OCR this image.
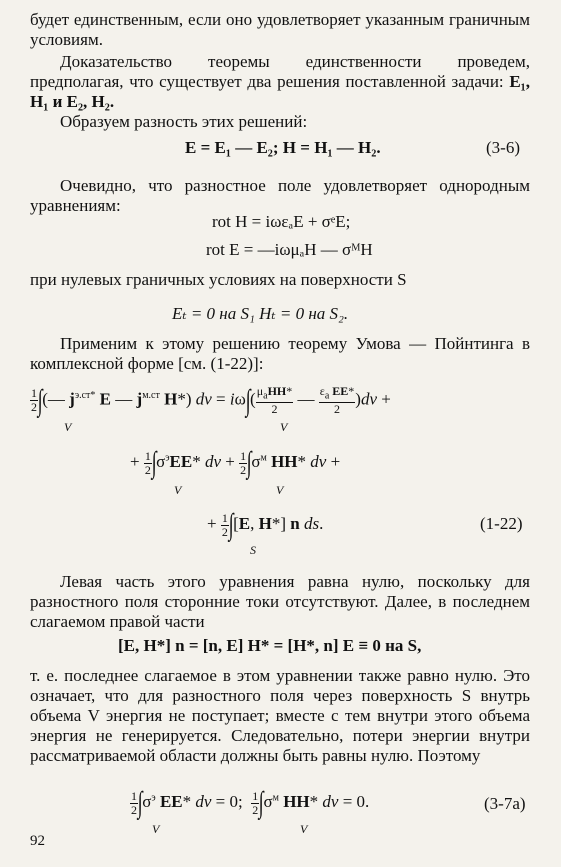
будет единственным, если оно удовлетворяет указанным граничным условиям.

Доказательство теоремы единственности проведем, предполагая, что существует два решения поставленной задачи: E₁, H₁ и E₂, H₂.

Образуем разность этих решений:

E = E₁ — E₂; H = H₁ — H₂.	(3-6)

Очевидно, что разностное поле удовлетворяет однородным уравнениям:

rot H = iωεₐE + σᵉE;
rot E = —iωμₐH — σᴹH

при нулевых граничных условиях на поверхности S

Eₜ = 0 на S₁ Hₜ = 0 на S₂.

Применим к этому решению теорему Умова — Пойнтинга в комплексной форме [см. (1-22)]:

$\frac{1}{2}$ ∫(— $j^{э.ст*}$ E — $j^{м.ст}$ H*) dv = $i\omega\int( \frac{\mu_aHH*}{2}$ — $\frac{\varepsilon_a EE*}{2} )dv$ +
V	V
+ $\frac{1}{2} \int\sigma^эEE*$ dv + $\frac{1}{2} \int\sigma^м$ HH* dv +
V	V
+ $\frac{1}{2} \int[E$, H*] n ds.
S
(1-22)

Левая часть этого уравнения равна нулю, поскольку для разностного поля сторонние токи отсутствуют. Далее, в последнем слагаемом правой части

[E, H*] n = [n, E] H* = [H*, n] E ≡ 0 на S,

т. е. последнее слагаемое в этом уравнении также равно нулю. Это означает, что для разностного поля через поверхность S внутрь объема V энергия не поступает; вместе с тем внутри этого объема энергия не генерируется. Следовательно, потери энергии внутри рассматриваемой области должны быть равны нулю. Поэтому

$\frac{1}{2} \int\sigma^э$ EE* dv = 0; $\frac{1}{2} \int\sigma^м$ HH* dv = 0.
V	V
(3-7а)
92
